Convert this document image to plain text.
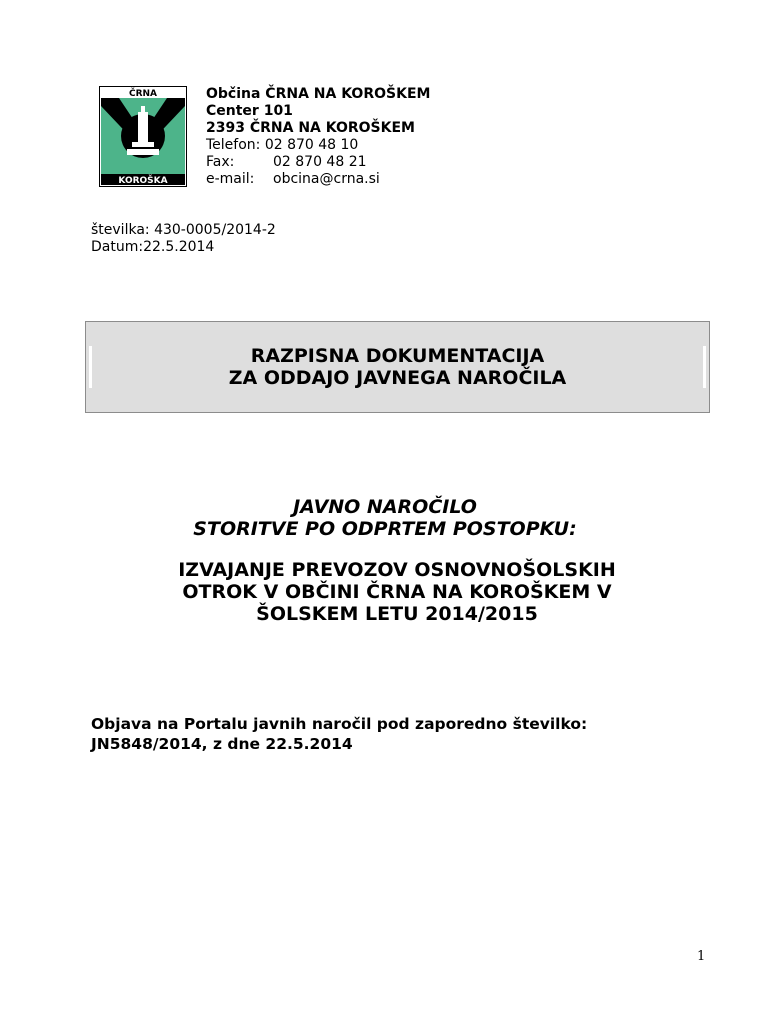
ČRNA
KOROŠKA
Občina ČRNA NA KOROŠKEM
Center 101
2393 ČRNA NA KOROŠKEM
Telefon: 02 870 48 10
Fax:	02 870 48 21
e-mail: obcina@crna.si
številka: 430-0005/2014-2
Datum:22.5.2014
RAZPISNA DOKUMENTACIJA
ZA ODDAJO JAVNEGA NAROČILA
JAVNO NAROČILO
STORITVE PO ODPRTEM POSTOPKU:
IZVAJANJE PREVOZOV OSNOVNOŠOLSKIH
OTROK V OBČINI ČRNA NA KOROŠKEM V
ŠOLSKEM LETU 2014/2015
Objava na Portalu javnih naročil pod zaporedno številko:
JN5848/2014, z dne 22.5.2014
1
